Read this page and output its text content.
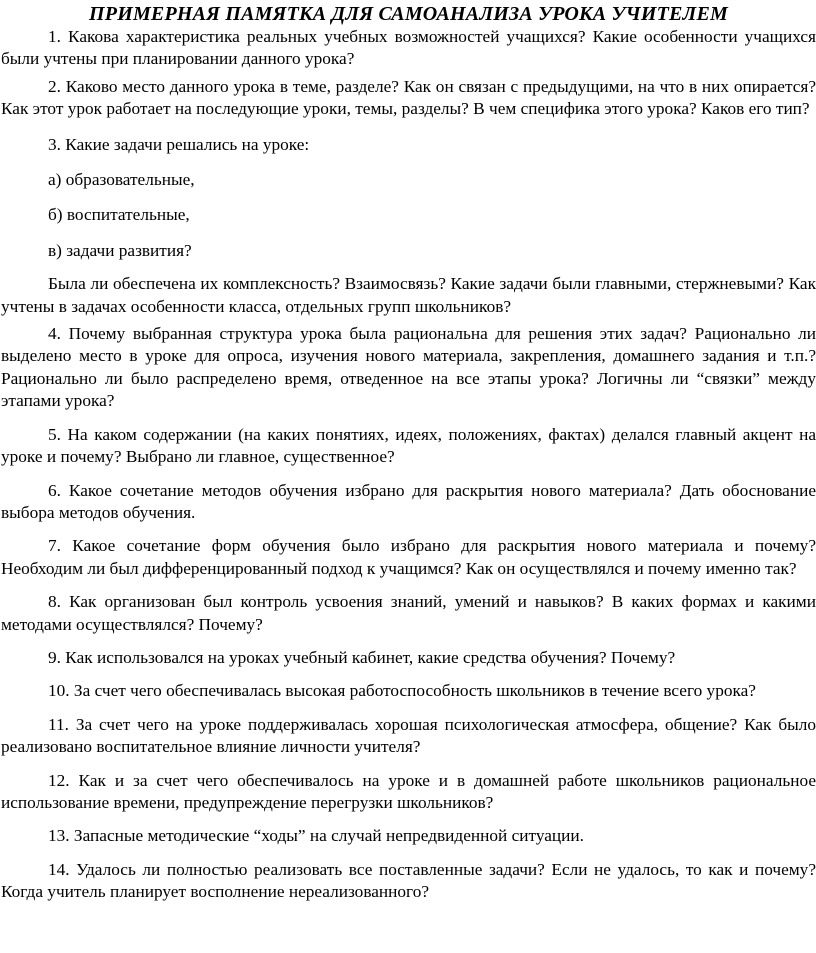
ПРИМЕРНАЯ ПАМЯТКА ДЛЯ САМОАНАЛИЗА УРОКА УЧИТЕЛЕМ

1. Какова характеристика реальных учебных возможностей учащихся? Какие особенности учащихся были учтены при планировании данного урока?

2. Каково место данного урока в теме, разделе? Как он связан с предыдущими, на что в них опирается? Как этот урок работает на последующие уроки, темы, разделы? В чем специфика этого урока? Каков его тип?

3. Какие задачи решались на уроке:

а) образовательные,

б) воспитательные,

в) задачи развития?

Была ли обеспечена их комплексность? Взаимосвязь? Какие задачи были главными, стержневыми? Как учтены в задачах особенности класса, отдельных групп школьников?

4. Почему выбранная структура урока была рациональна для решения этих задач? Рационально ли выделено место в уроке для опроса, изучения нового материала, закрепления, домашнего задания и т.п.? Рационально ли было распределено время, отведенное на все этапы урока? Логичны ли “связки” между этапами урока?

5. На каком содержании (на каких понятиях, идеях, положениях, фактах) делался главный акцент на уроке и почему? Выбрано ли главное, существенное?

6. Какое сочетание методов обучения избрано для раскрытия нового материала? Дать обоснование выбора методов обучения.

7. Какое сочетание форм обучения было избрано для раскрытия нового материала и почему? Необходим ли был дифференцированный подход к учащимся? Как он осуществлялся и почему именно так?

8. Как организован был контроль усвоения знаний, умений и навыков? В каких формах и какими методами осуществлялся? Почему?

9. Как использовался на уроках учебный кабинет, какие средства обучения? Почему?

10. За счет чего обеспечивалась высокая работоспособность школьников в течение всего урока?

11. За счет чего на уроке поддерживалась хорошая психологическая атмосфера, общение? Как было реализовано воспитательное влияние личности учителя?

12. Как и за счет чего обеспечивалось на уроке и в домашней работе школьников рациональное использование времени, предупреждение перегрузки школьников?

13. Запасные методические “ходы” на случай непредвиденной ситуации.

14. Удалось ли полностью реализовать все поставленные задачи? Если не удалось, то как и почему? Когда учитель планирует восполнение нереализованного?
